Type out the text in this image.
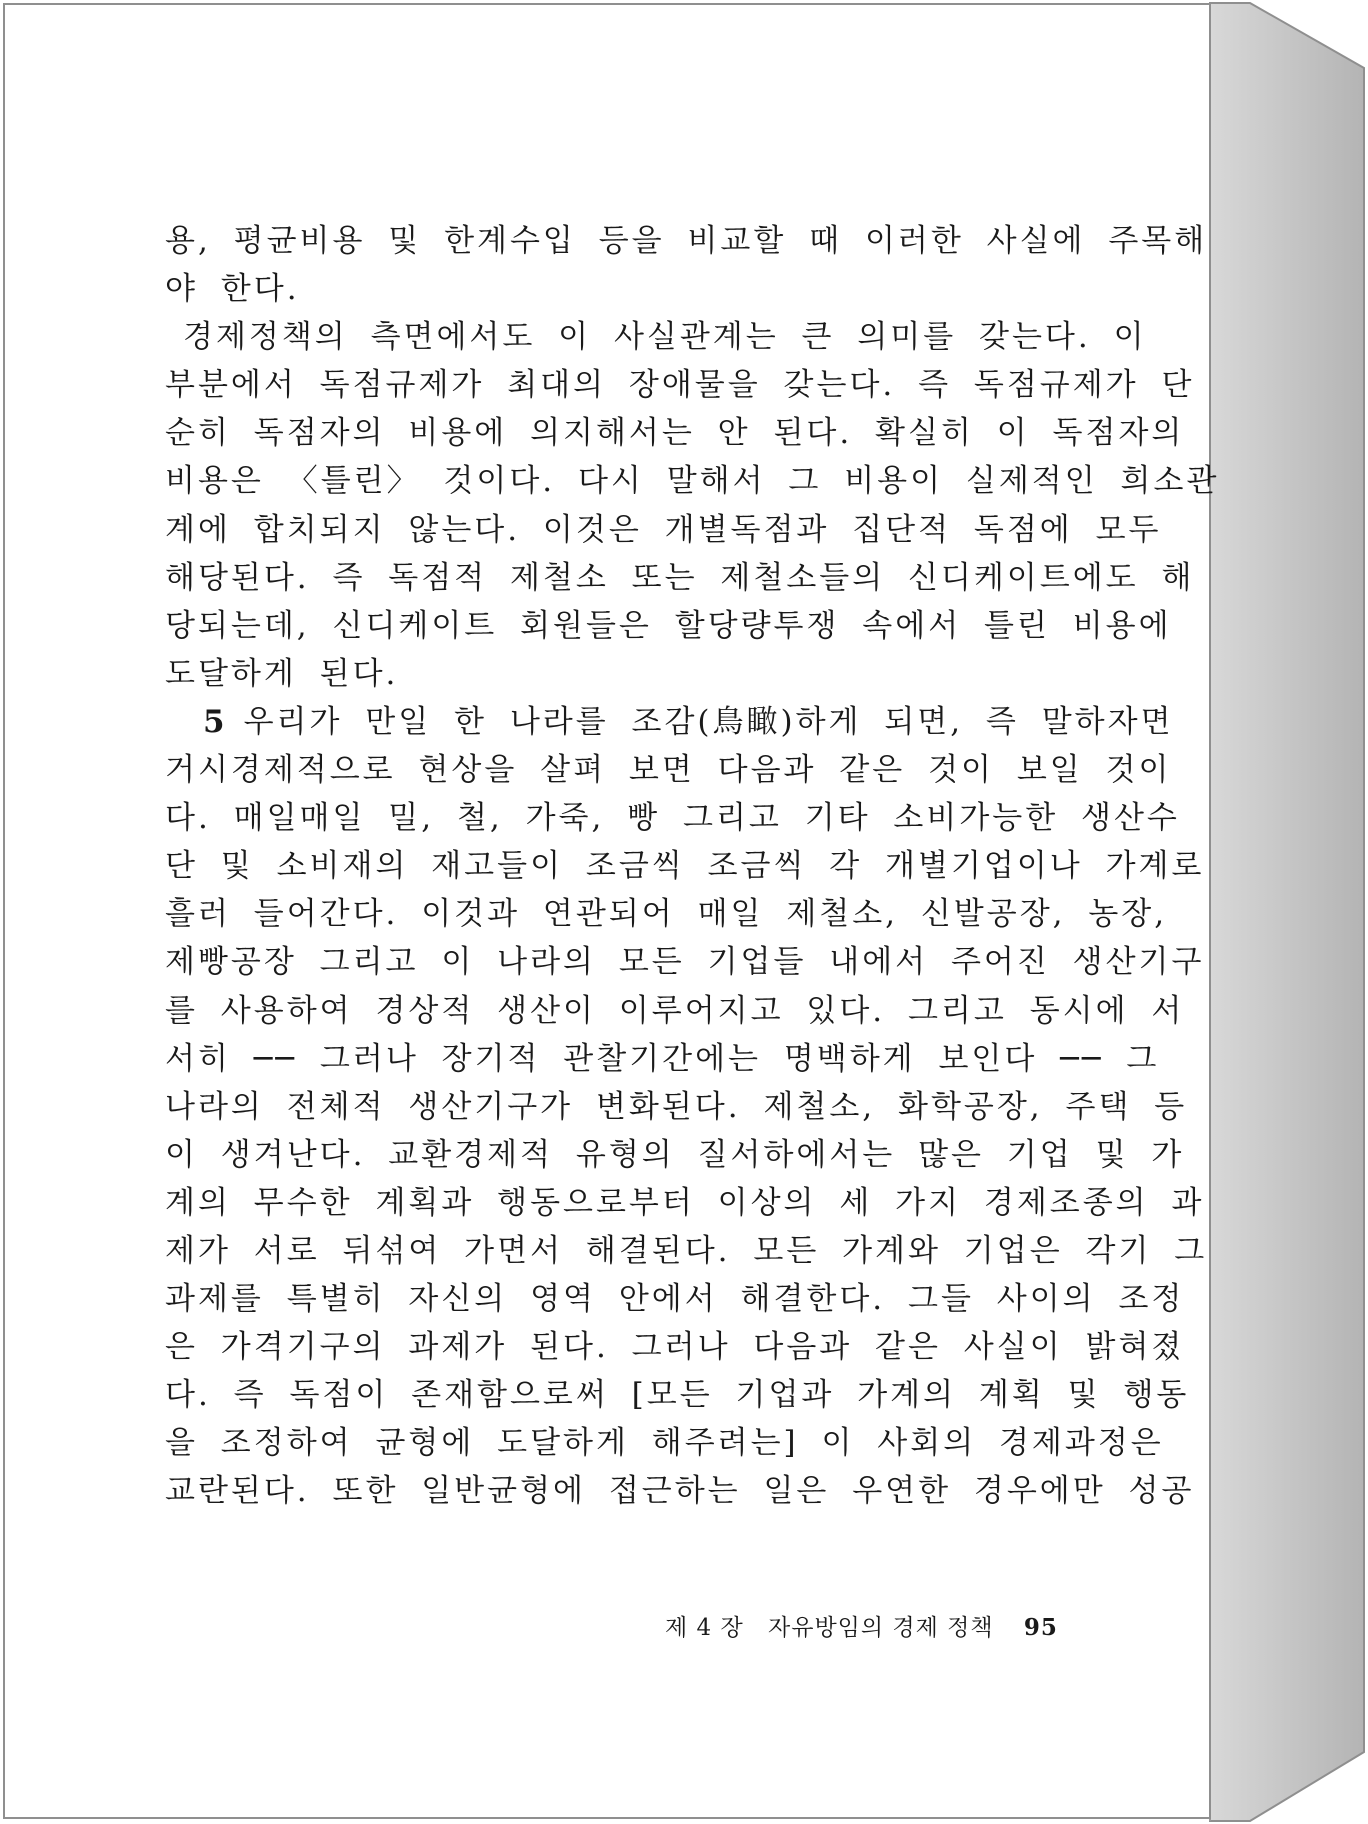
용, 평균비용 및 한계수입 등을 비교할 때 이러한 사실에 주목해
야 한다.
경제정책의 측면에서도 이 사실관계는 큰 의미를 갖는다. 이
부분에서 독점규제가 최대의 장애물을 갖는다. 즉 독점규제가 단
순히 독점자의 비용에 의지해서는 안 된다. 확실히 이 독점자의
비용은 〈틀린〉 것이다. 다시 말해서 그 비용이 실제적인 희소관
계에 합치되지 않는다. 이것은 개별독점과 집단적 독점에 모두
해당된다. 즉 독점적 제철소 또는 제철소들의 신디케이트에도 해
당되는데, 신디케이트 회원들은 할당량투쟁 속에서 틀린 비용에
도달하게 된다.
5 우리가 만일 한 나라를 조감(鳥瞰)하게 되면, 즉 말하자면
거시경제적으로 현상을 살펴 보면 다음과 같은 것이 보일 것이
다. 매일매일 밀, 철, 가죽, 빵 그리고 기타 소비가능한 생산수
단 및 소비재의 재고들이 조금씩 조금씩 각 개별기업이나 가계로
흘러 들어간다. 이것과 연관되어 매일 제철소, 신발공장, 농장,
제빵공장 그리고 이 나라의 모든 기업들 내에서 주어진 생산기구
를 사용하여 경상적 생산이 이루어지고 있다. 그리고 동시에 서
서히 ── 그러나 장기적 관찰기간에는 명백하게 보인다 ── 그
나라의 전체적 생산기구가 변화된다. 제철소, 화학공장, 주택 등
이 생겨난다. 교환경제적 유형의 질서하에서는 많은 기업 및 가
계의 무수한 계획과 행동으로부터 이상의 세 가지 경제조종의 과
제가 서로 뒤섞여 가면서 해결된다. 모든 가계와 기업은 각기 그
과제를 특별히 자신의 영역 안에서 해결한다. 그들 사이의 조정
은 가격기구의 과제가 된다. 그러나 다음과 같은 사실이 밝혀졌
다. 즉 독점이 존재함으로써 [모든 기업과 가계의 계획 및 행동
을 조정하여 균형에 도달하게 해주려는] 이 사회의 경제과정은
교란된다. 또한 일반균형에 접근하는 일은 우연한 경우에만 성공
제 4 장 자유방임의 경제 정책 95
